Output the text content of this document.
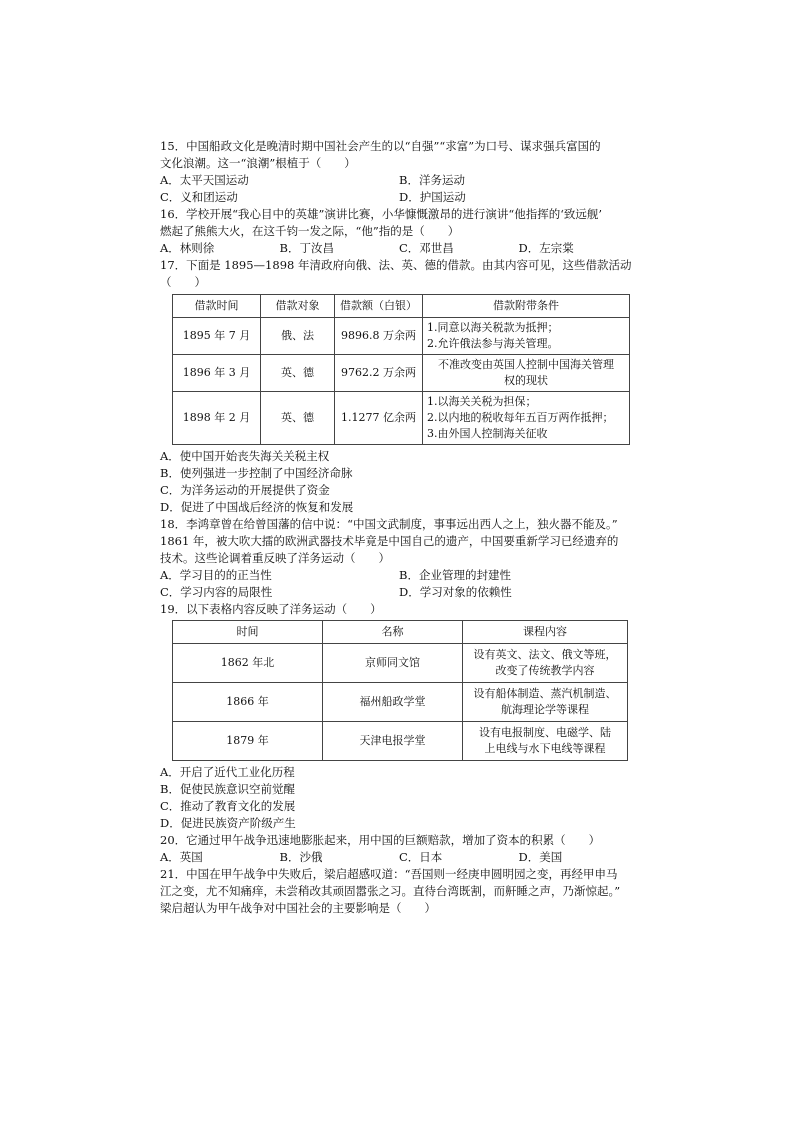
15．中国船政文化是晚清时期中国社会产生的以“自强”“求富”为口号、谋求强兵富国的
文化浪潮。这一“浪潮”根植于（　　）
A．太平天国运动	B．洋务运动
C．义和团运动	D．护国运动
16．学校开展“我心目中的英雄”演讲比赛，小华慷慨激昂的进行演讲“他指挥的‘致远舰’
燃起了熊熊大火，在这千钧一发之际，“他”指的是（　　）
A．林则徐	B．丁汝昌	C．邓世昌	D．左宗棠
17．下面是 1895—1898 年清政府向俄、法、英、德的借款。由其内容可见，这些借款活动
（　　）
借款时间	借款对象	借款额（白银）	借款附带条件
1895 年 7 月	俄、法	9896.8 万余两	1.同意以海关税款为抵押；
2.允许俄法参与海关管理。

1896 年 3 月	英、德	9762.2 万余两	不准改变由英国人控制中国海关管理
权的现状

1898 年 2 月	英、德	1.1277 亿余两	1.以海关关税为担保；
2.以内地的税收每年五百万两作抵押；
3.由外国人控制海关征收
A．使中国开始丧失海关关税主权
B．使列强进一步控制了中国经济命脉
C．为洋务运动的开展提供了资金
D．促进了中国战后经济的恢复和发展
18．李鸿章曾在给曾国藩的信中说：“中国文武制度，事事远出西人之上，独火器不能及。”
1861 年，被大吹大擂的欧洲武器技术毕竟是中国自己的遗产，中国要重新学习已经遗弃的
技术。这些论调着重反映了洋务运动（　　）
A．学习目的的正当性	B．企业管理的封建性
C．学习内容的局限性	D．学习对象的依赖性
19．以下表格内容反映了洋务运动（　　）
时间	名称	课程内容
1862 年北	京师同文馆	设有英文、法文、俄文等班，
改变了传统教学内容

1866 年	福州船政学堂	设有船体制造、蒸汽机制造、
航海理论学等课程

1879 年	天津电报学堂	设有电报制度、电磁学、陆
上电线与水下电线等课程
A．开启了近代工业化历程
B．促使民族意识空前觉醒
C．推动了教育文化的发展
D．促进民族资产阶级产生
20．它通过甲午战争迅速地膨胀起来，用中国的巨额赔款，增加了资本的积累（　　）
A．英国	B．沙俄	C．日本	D．美国
21．中国在甲午战争中失败后，梁启超感叹道：“吾国则一经庚申圆明园之变，再经甲申马
江之变，尤不知痛痒，未尝稍改其顽固嚣张之习。直待台湾既割，而鼾睡之声，乃渐惊起。”
梁启超认为甲午战争对中国社会的主要影响是（　　）
